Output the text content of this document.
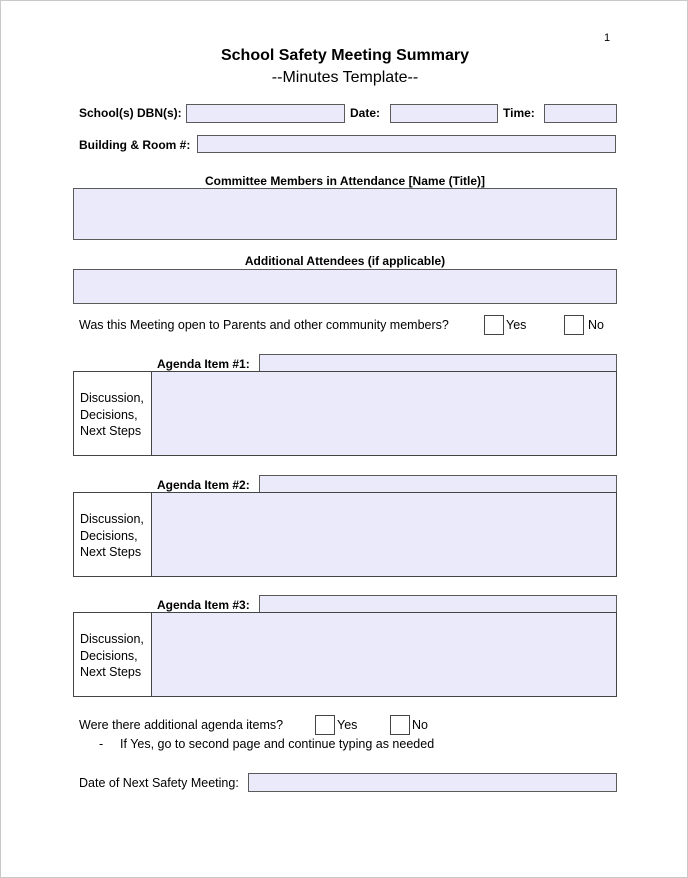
1
School Safety Meeting Summary
--Minutes Template--
School(s) DBN(s):	Date:	Time:
Building & Room #:
Committee Members in Attendance [Name (Title)]
Additional Attendees (if applicable)
Was this Meeting open to Parents and other community members?	Yes	No
Agenda Item #1:
Discussion,
Decisions,
Next Steps
Agenda Item #2:
Discussion,
Decisions,
Next Steps
Agenda Item #3:
Discussion,
Decisions,
Next Steps
Were there additional agenda items?	Yes	No
- If Yes, go to second page and continue typing as needed
Date of Next Safety Meeting:
